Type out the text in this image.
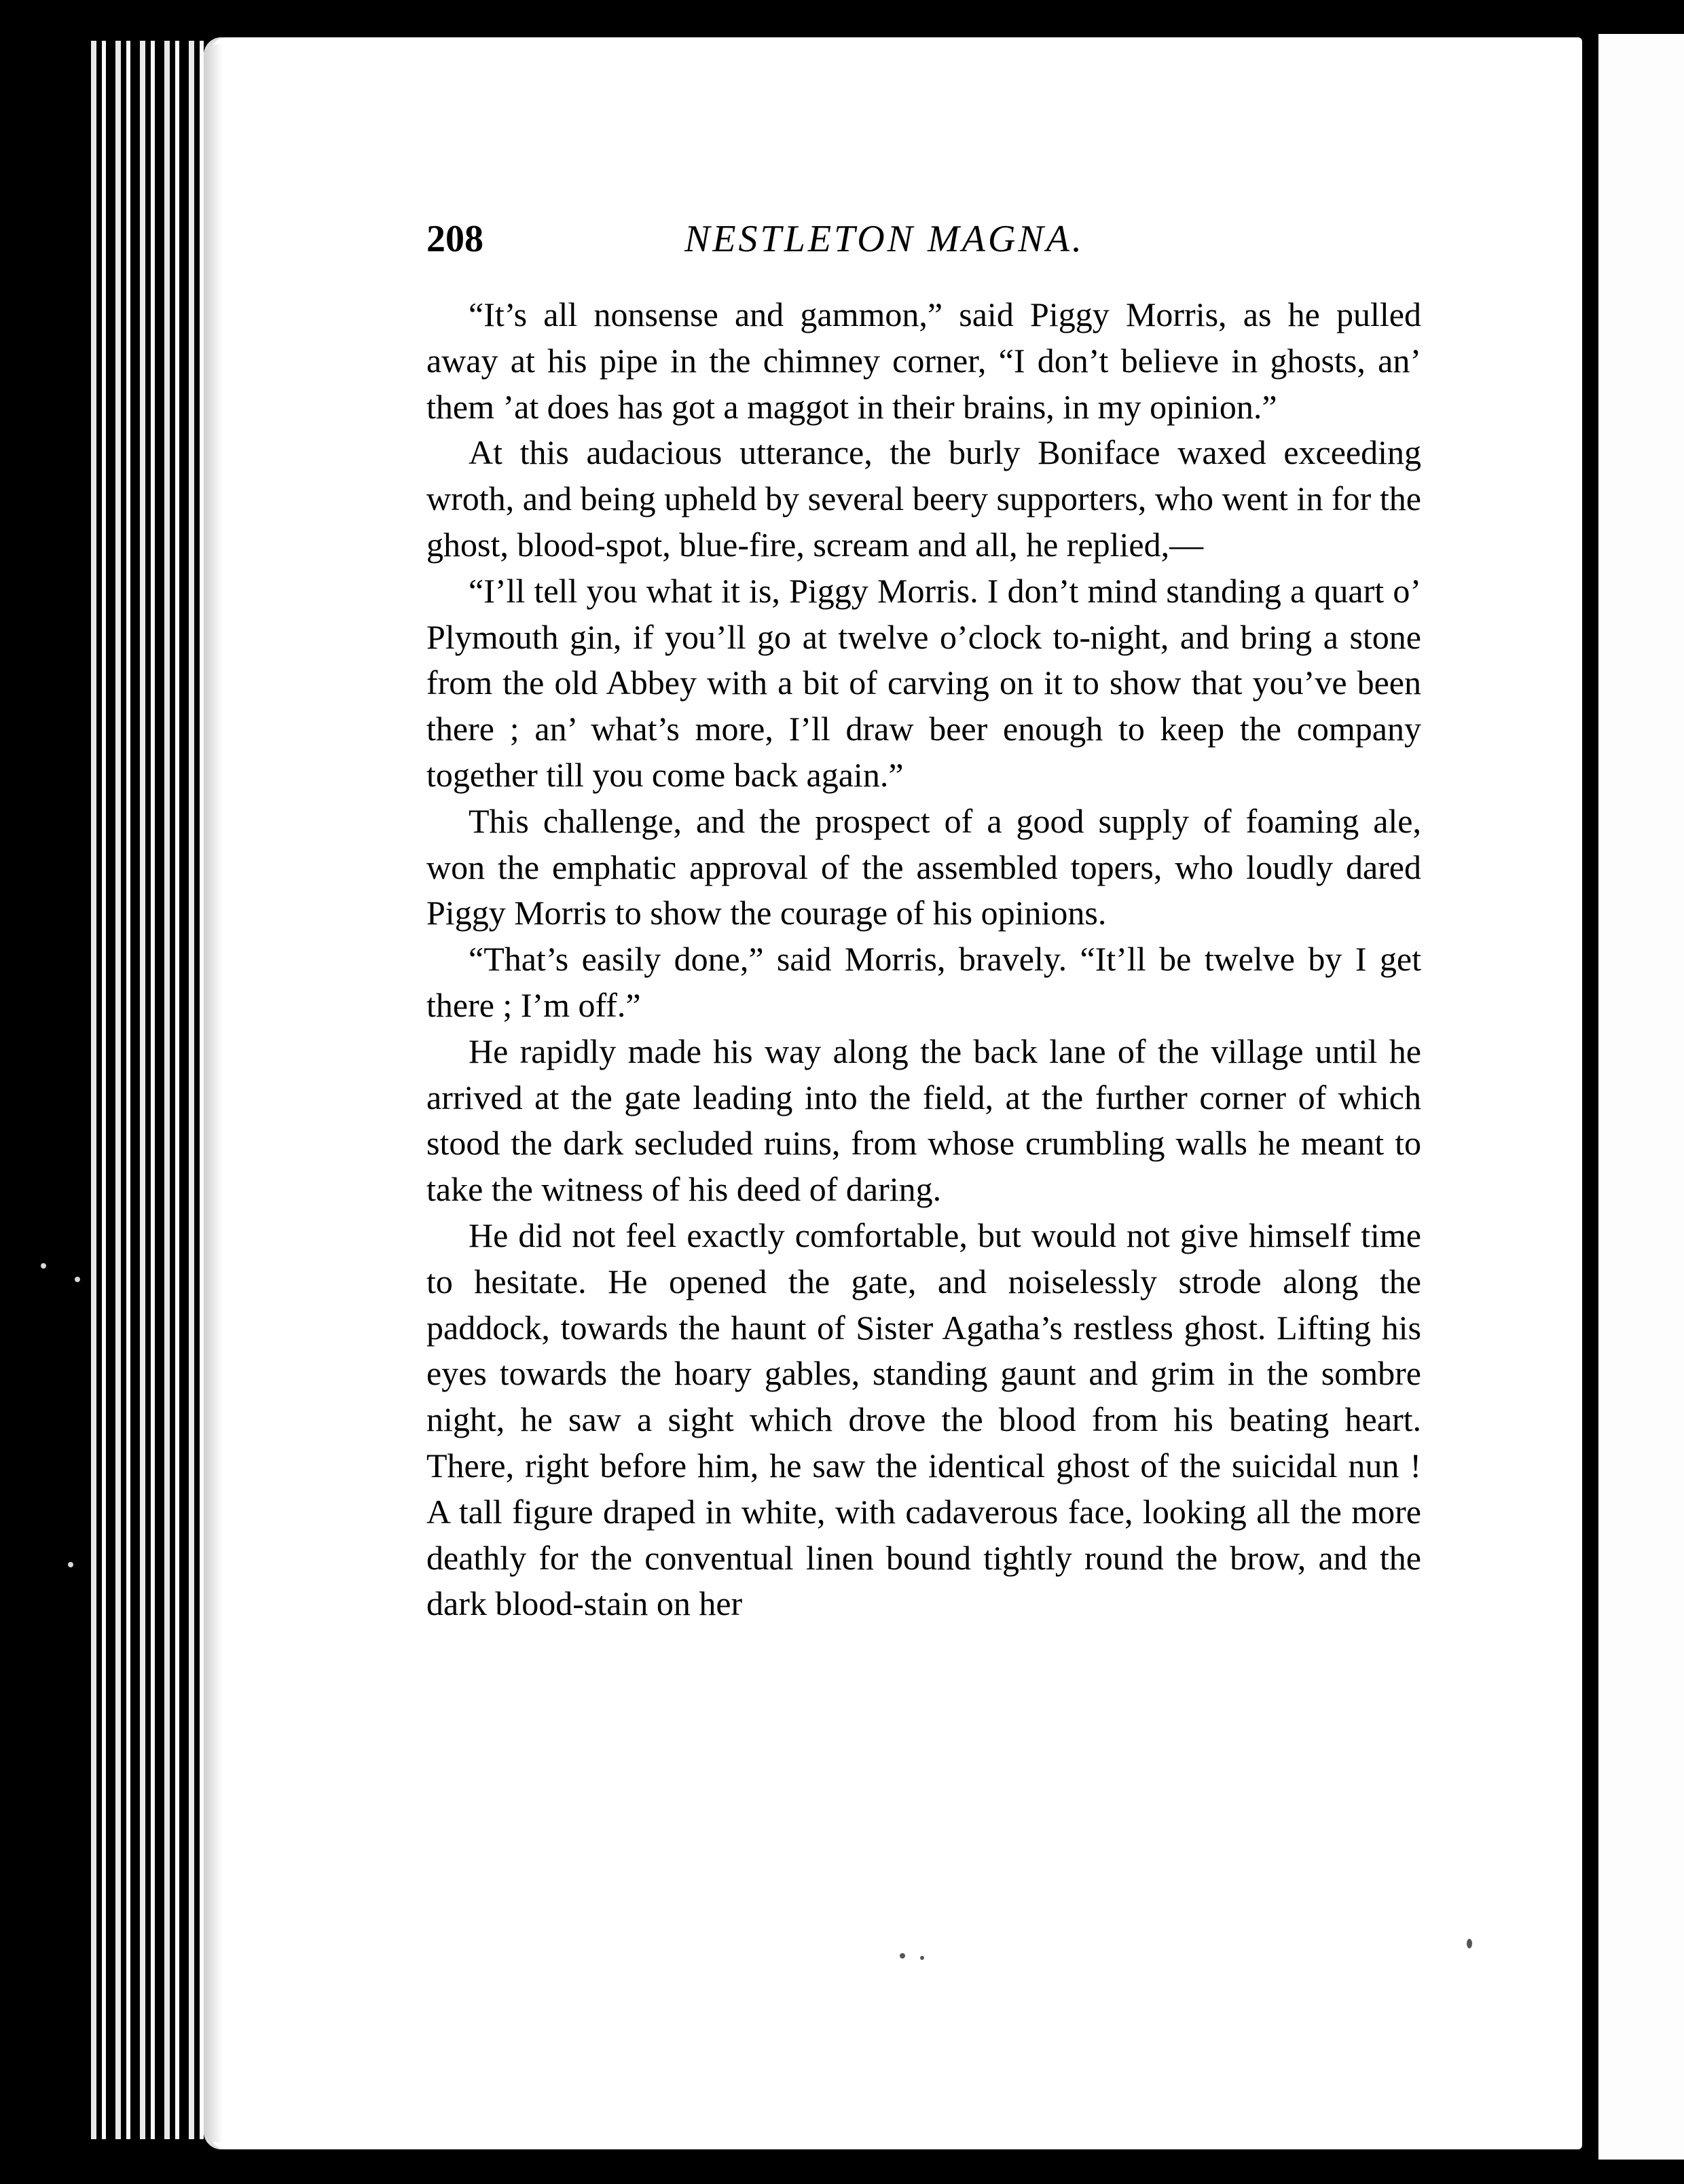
208	NESTLETON MAGNA.

“It’s all nonsense and gammon,” said Piggy Morris, as he pulled away at his pipe in the chimney corner, “I don’t believe in ghosts, an’ them ’at does has got a maggot in their brains, in my opinion.”

At this audacious utterance, the burly Boniface waxed exceeding wroth, and being upheld by several beery supporters, who went in for the ghost, blood-spot, blue-fire, scream and all, he replied,—

“I’ll tell you what it is, Piggy Morris. I don’t mind standing a quart o’ Plymouth gin, if you’ll go at twelve o’clock to-night, and bring a stone from the old Abbey with a bit of carving on it to show that you’ve been there ; an’ what’s more, I’ll draw beer enough to keep the company together till you come back again.”

This challenge, and the prospect of a good supply of foaming ale, won the emphatic approval of the assembled topers, who loudly dared Piggy Morris to show the courage of his opinions.

“That’s easily done,” said Morris, bravely. “It’ll be twelve by I get there ; I’m off.”

He rapidly made his way along the back lane of the village until he arrived at the gate leading into the field, at the further corner of which stood the dark secluded ruins, from whose crumbling walls he meant to take the witness of his deed of daring.

He did not feel exactly comfortable, but would not give himself time to hesitate. He opened the gate, and noiselessly strode along the paddock, towards the haunt of Sister Agatha’s restless ghost. Lifting his eyes towards the hoary gables, standing gaunt and grim in the sombre night, he saw a sight which drove the blood from his beating heart. There, right before him, he saw the identical ghost of the suicidal nun ! A tall figure draped in white, with cadaverous face, looking all the more deathly for the conventual linen bound tightly round the brow, and the dark blood-stain on her
